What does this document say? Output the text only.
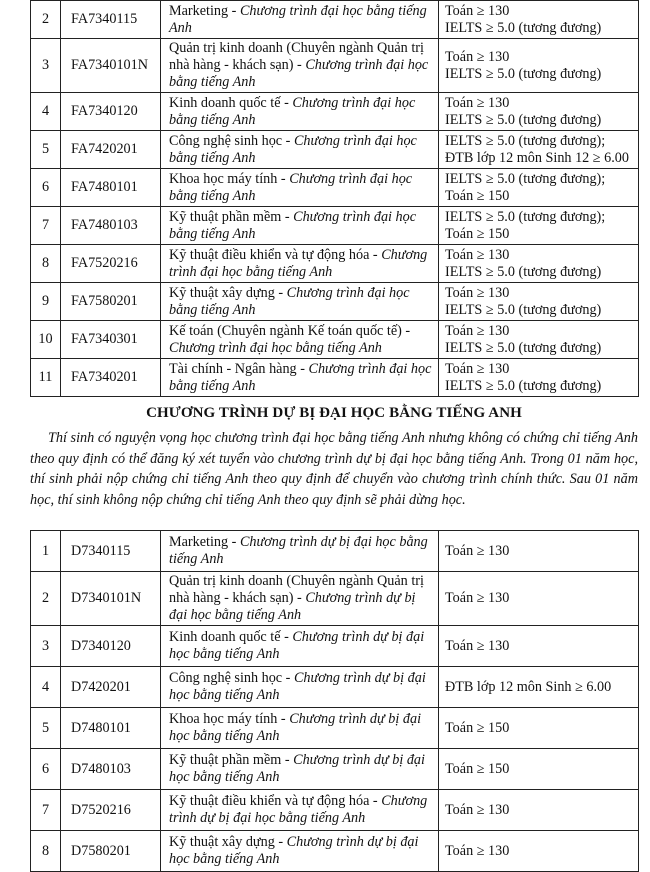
2	FA7340115	Marketing - Chương trình đại học bằng tiếng Anh	Toán ≥ 130
IELTS ≥ 5.0 (tương đương)

3	FA7340101N	Quản trị kinh doanh (Chuyên ngành Quản trị nhà hàng - khách sạn) - Chương trình đại học bằng tiếng Anh	Toán ≥ 130
IELTS ≥ 5.0 (tương đương)

4	FA7340120	Kinh doanh quốc tế - Chương trình đại học bằng tiếng Anh	Toán ≥ 130
IELTS ≥ 5.0 (tương đương)

5	FA7420201	Công nghệ sinh học - Chương trình đại học bằng tiếng Anh	IELTS ≥ 5.0 (tương đương);
ĐTB lớp 12 môn Sinh 12 ≥ 6.00

6	FA7480101	Khoa học máy tính - Chương trình đại học bằng tiếng Anh	IELTS ≥ 5.0 (tương đương);
Toán ≥ 150

7	FA7480103	Kỹ thuật phần mềm - Chương trình đại học bằng tiếng Anh	IELTS ≥ 5.0 (tương đương);
Toán ≥ 150

8	FA7520216	Kỹ thuật điều khiển và tự động hóa - Chương trình đại học bằng tiếng Anh	Toán ≥ 130
IELTS ≥ 5.0 (tương đương)

9	FA7580201	Kỹ thuật xây dựng - Chương trình đại học bằng tiếng Anh	Toán ≥ 130
IELTS ≥ 5.0 (tương đương)

10	FA7340301	Kế toán (Chuyên ngành Kế toán quốc tế) - Chương trình đại học bằng tiếng Anh	Toán ≥ 130
IELTS ≥ 5.0 (tương đương)

11	FA7340201	Tài chính - Ngân hàng - Chương trình đại học bằng tiếng Anh	Toán ≥ 130
IELTS ≥ 5.0 (tương đương)
CHƯƠNG TRÌNH DỰ BỊ ĐẠI HỌC BẰNG TIẾNG ANH

Thí sinh có nguyện vọng học chương trình đại học bằng tiếng Anh nhưng không có chứng chỉ tiếng Anh theo quy định có thể đăng ký xét tuyển vào chương trình dự bị đại học bằng tiếng Anh. Trong 01 năm học, thí sinh phải nộp chứng chỉ tiếng Anh theo quy định để chuyển vào chương trình chính thức. Sau 01 năm học, thí sinh không nộp chứng chỉ tiếng Anh theo quy định sẽ phải dừng học.

1	D7340115	Marketing - Chương trình dự bị đại học bằng tiếng Anh	Toán ≥ 130

2	D7340101N	Quản trị kinh doanh (Chuyên ngành Quản trị nhà hàng - khách sạn) - Chương trình dự bị đại học bằng tiếng Anh	Toán ≥ 130

3	D7340120	Kinh doanh quốc tế - Chương trình dự bị đại học bằng tiếng Anh	Toán ≥ 130

4	D7420201	Công nghệ sinh học - Chương trình dự bị đại học bằng tiếng Anh	ĐTB lớp 12 môn Sinh ≥ 6.00

5	D7480101	Khoa học máy tính - Chương trình dự bị đại học bằng tiếng Anh	Toán ≥ 150

6	D7480103	Kỹ thuật phần mềm - Chương trình dự bị đại học bằng tiếng Anh	Toán ≥ 150

7	D7520216	Kỹ thuật điều khiển và tự động hóa - Chương trình dự bị đại học bằng tiếng Anh	Toán ≥ 130

8	D7580201	Kỹ thuật xây dựng - Chương trình dự bị đại học bằng tiếng Anh	Toán ≥ 130
